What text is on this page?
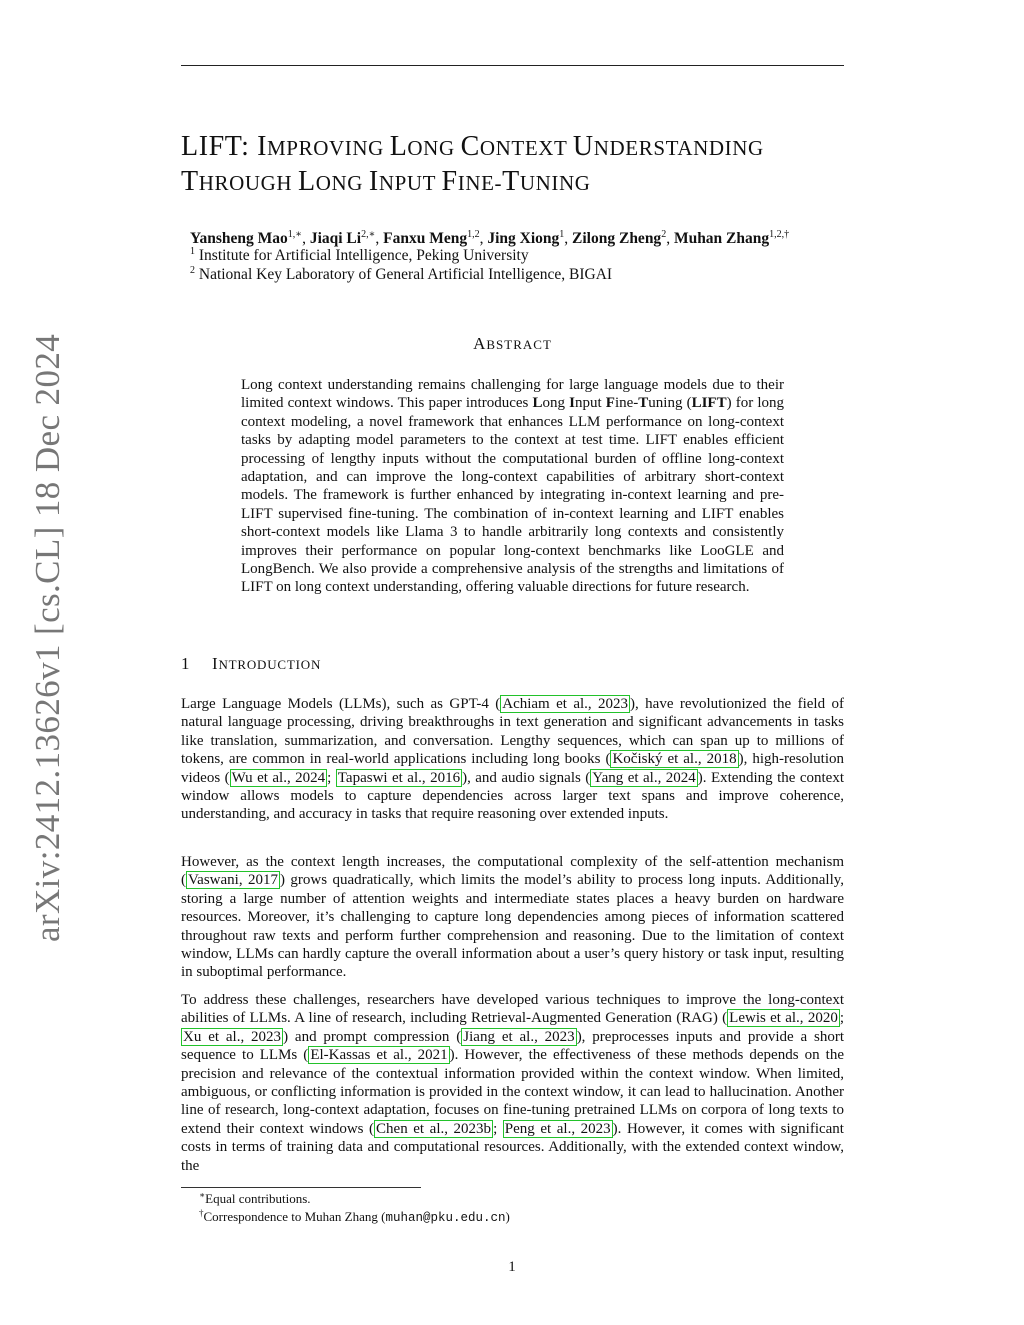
arXiv:2412.13626v1 [cs.CL] 18 Dec 2024
LIFT: IMPROVING LONG CONTEXT UNDERSTANDING
THROUGH LONG INPUT FINE-TUNING
Yansheng Mao$^{1,∗}$, Jiaqi $Li^{2,∗}$, Fanxu Meng$^{1,2}$, Jing Xiong$^1$, Zilong Zheng$^2$, Muhan Zhang$^{1,2,\dagger}$
$^1$ Institute for Artificial Intelligence, Peking University
$^2$ National Key Laboratory of General Artificial Intelligence, BIGAI
ABSTRACT
Long context understanding remains challenging for large language models due to their limited context windows. This paper introduces Long Input Fine-Tuning (LIFT) for long context modeling, a novel framework that enhances LLM performance on long-context tasks by adapting model parameters to the context at test time. LIFT enables efficient processing of lengthy inputs without the computational burden of offline long-context adaptation, and can improve the long-context capabilities of arbitrary short-context models. The framework is further enhanced by integrating in-context learning and pre-LIFT supervised fine-tuning. The combination of in-context learning and LIFT enables short-context models like Llama 3 to handle arbitrarily long contexts and consistently improves their performance on popular long-context benchmarks like LooGLE and LongBench. We also provide a comprehensive analysis of the strengths and limitations of LIFT on long context understanding, offering valuable directions for future research.
1 INTRODUCTION
Large Language Models (LLMs), such as GPT-4 ( Achiam et al., 2023 ), have revolutionized the field of natural language processing, driving breakthroughs in text generation and significant advancements in tasks like translation, summarization, and conversation. Lengthy sequences, which can span up to millions of tokens, are common in real-world applications including long books ( Kočiský et al., 2018 ), high-resolution videos ( Wu et al., 2024 ; Tapaswi et al., 2016 ), and audio signals ( Yang et al., 2024 ). Extending the context window allows models to capture dependencies across larger text spans and improve coherence, understanding, and accuracy in tasks that require reasoning over extended inputs.
However, as the context length increases, the computational complexity of the self-attention mechanism ( Vaswani, 2017 ) grows quadratically, which limits the model’s ability to process long inputs. Additionally, storing a large number of attention weights and intermediate states places a heavy burden on hardware resources. Moreover, it’s challenging to capture long dependencies among pieces of information scattered throughout raw texts and perform further comprehension and reasoning. Due to the limitation of context window, LLMs can hardly capture the overall information about a user’s query history or task input, resulting in suboptimal performance.
To address these challenges, researchers have developed various techniques to improve the long-context abilities of LLMs. A line of research, including Retrieval-Augmented Generation (RAG) ( Lewis et al., 2020 ; Xu et al., 2023 ) and prompt compression ( Jiang et al., 2023 ), preprocesses inputs and provide a short sequence to LLMs ( El-Kassas et al., 2021 ). However, the effectiveness of these methods depends on the precision and relevance of the contextual information provided within the context window. When limited, ambiguous, or conflicting information is provided in the context window, it can lead to hallucination. Another line of research, long-context adaptation, focuses on fine-tuning pretrained LLMs on corpora of long texts to extend their context windows ( Chen et al., 2023b ; Peng et al., 2023 ). However, it comes with significant costs in terms of training data and computational resources. Additionally, with the extended context window, the
∗Equal contributions.
†Correspondence to Muhan Zhang (muhan@pku.edu.cn)
1
